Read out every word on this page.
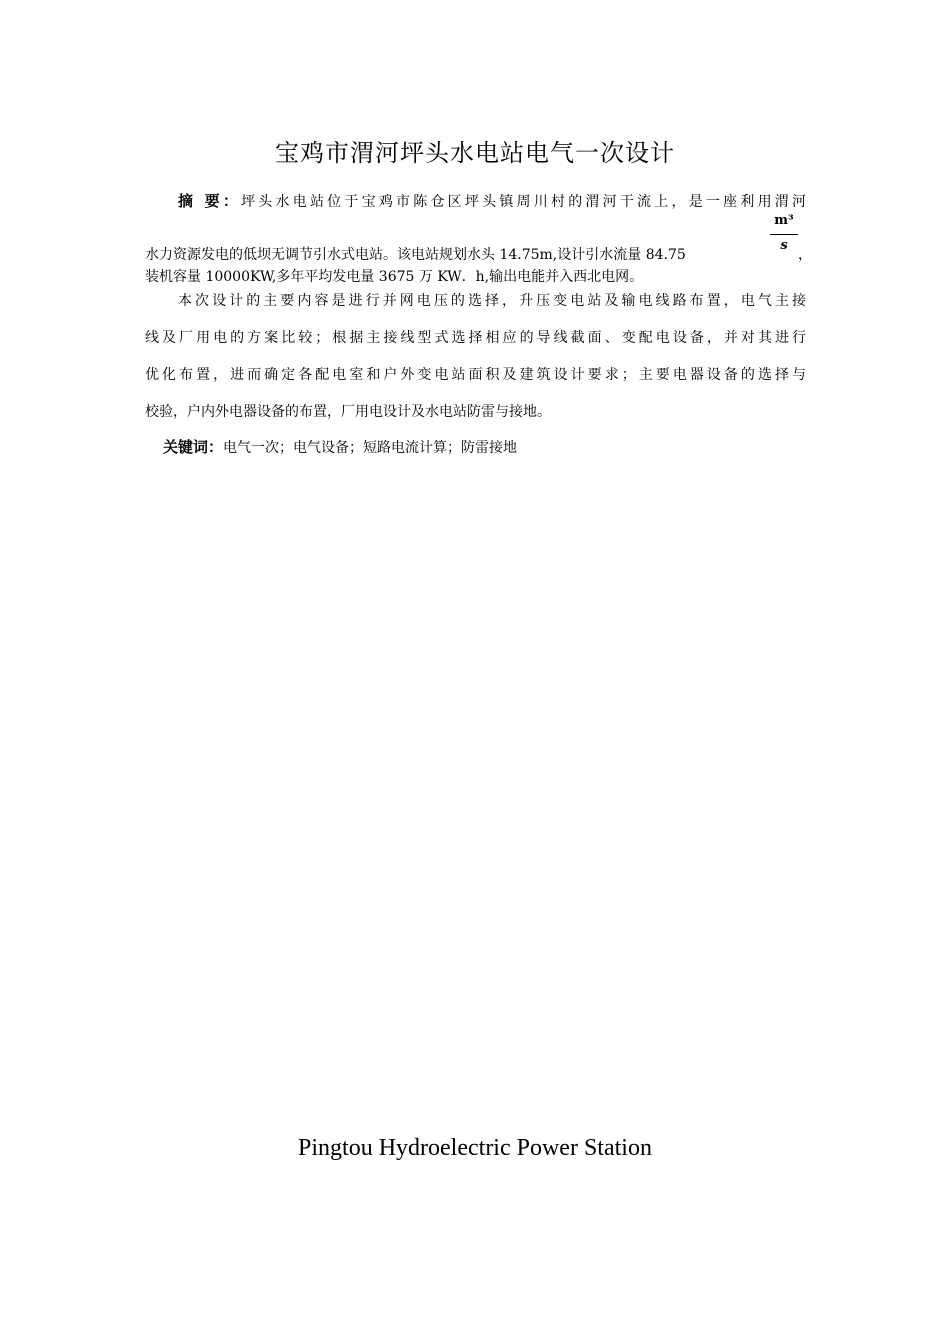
宝鸡市渭河坪头水电站电气一次设计
摘 要：坪头水电站位于宝鸡市陈仓区坪头镇周川村的渭河干流上，是一座利用渭河
水力资源发电的低坝无调节引水式电站。该电站规划水头 14.75m,设计引水流量 84.75
m³
s
，
装机容量 10000KW,多年平均发电量 3675 万 KW．h,输出电能并入西北电网。
本次设计的主要内容是进行并网电压的选择，升压变电站及输电线路布置，电气主接
线及厂用电的方案比较；根据主接线型式选择相应的导线截面、变配电设备，并对其进行
优化布置，进而确定各配电室和户外变电站面积及建筑设计要求；主要电器设备的选择与
校验，户内外电器设备的布置，厂用电设计及水电站防雷与接地。
关键词：电气一次；电气设备；短路电流计算；防雷接地
Pingtou Hydroelectric Power Station
